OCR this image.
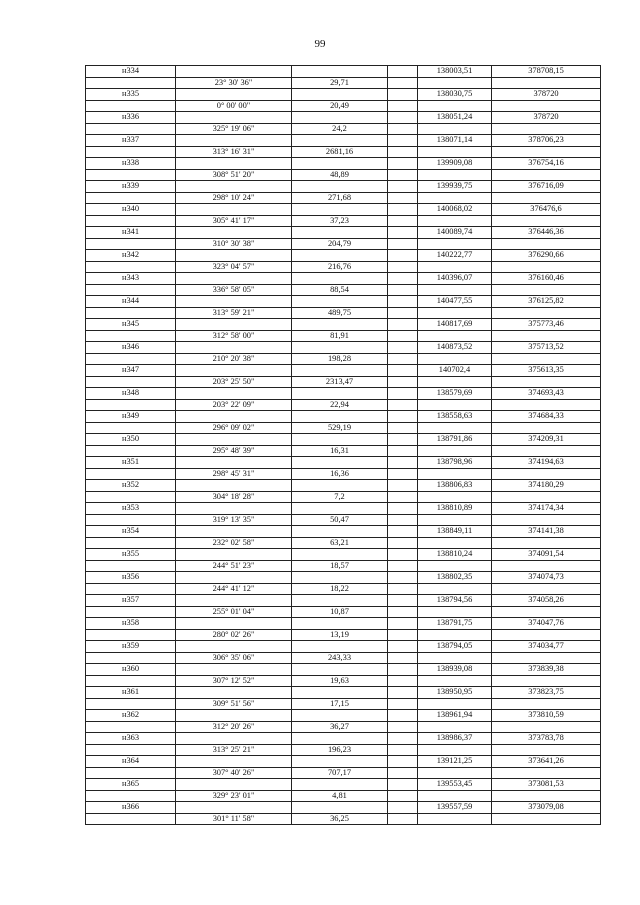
99
н334				138003,51	378708,15
	23° 30' 36"	29,71			
н335				138030,75	378720
	0° 00' 00"	20,49			
н336				138051,24	378720
	325° 19' 06"	24,2			
н337				138071,14	378706,23
	313° 16' 31"	2681,16			
н338				139909,08	376754,16
	308° 51' 20"	48,89			
н339				139939,75	376716,09
	298° 10' 24"	271,68			
н340				140068,02	376476,6
	305° 41' 17"	37,23			
н341				140089,74	376446,36
	310° 30' 38"	204,79			
н342				140222,77	376290,66
	323° 04' 57"	216,76			
н343				140396,07	376160,46
	336° 58' 05"	88,54			
н344				140477,55	376125,82
	313° 59' 21"	489,75			
н345				140817,69	375773,46
	312° 58' 00"	81,91			
н346				140873,52	375713,52
	210° 20' 38"	198,28			
н347				140702,4	375613,35
	203° 25' 50"	2313,47			
н348				138579,69	374693,43
	203° 22' 09"	22,94			
н349				138558,63	374684,33
	296° 09' 02"	529,19			
н350				138791,86	374209,31
	295° 48' 39"	16,31			
н351				138798,96	374194,63
	298° 45' 31"	16,36			
н352				138806,83	374180,29
	304° 18' 28"	7,2			
н353				138810,89	374174,34
	319° 13' 35"	50,47			
н354				138849,11	374141,38
	232° 02' 58"	63,21			
н355				138810,24	374091,54
	244° 51' 23"	18,57			
н356				138802,35	374074,73
	244° 41' 12"	18,22			
н357				138794,56	374058,26
	255° 01' 04"	10,87			
н358				138791,75	374047,76
	280° 02' 26"	13,19			
н359				138794,05	374034,77
	306° 35' 06"	243,33			
н360				138939,08	373839,38
	307° 12' 52"	19,63			
н361				138950,95	373823,75
	309° 51' 56"	17,15			
н362				138961,94	373810,59
	312° 20' 26"	36,27			
н363				138986,37	373783,78
	313° 25' 21"	196,23			
н364				139121,25	373641,26
	307° 40' 26"	707,17			
н365				139553,45	373081,53
	329° 23' 01"	4,81			
н366				139557,59	373079,08
	301° 11' 58"	36,25			
